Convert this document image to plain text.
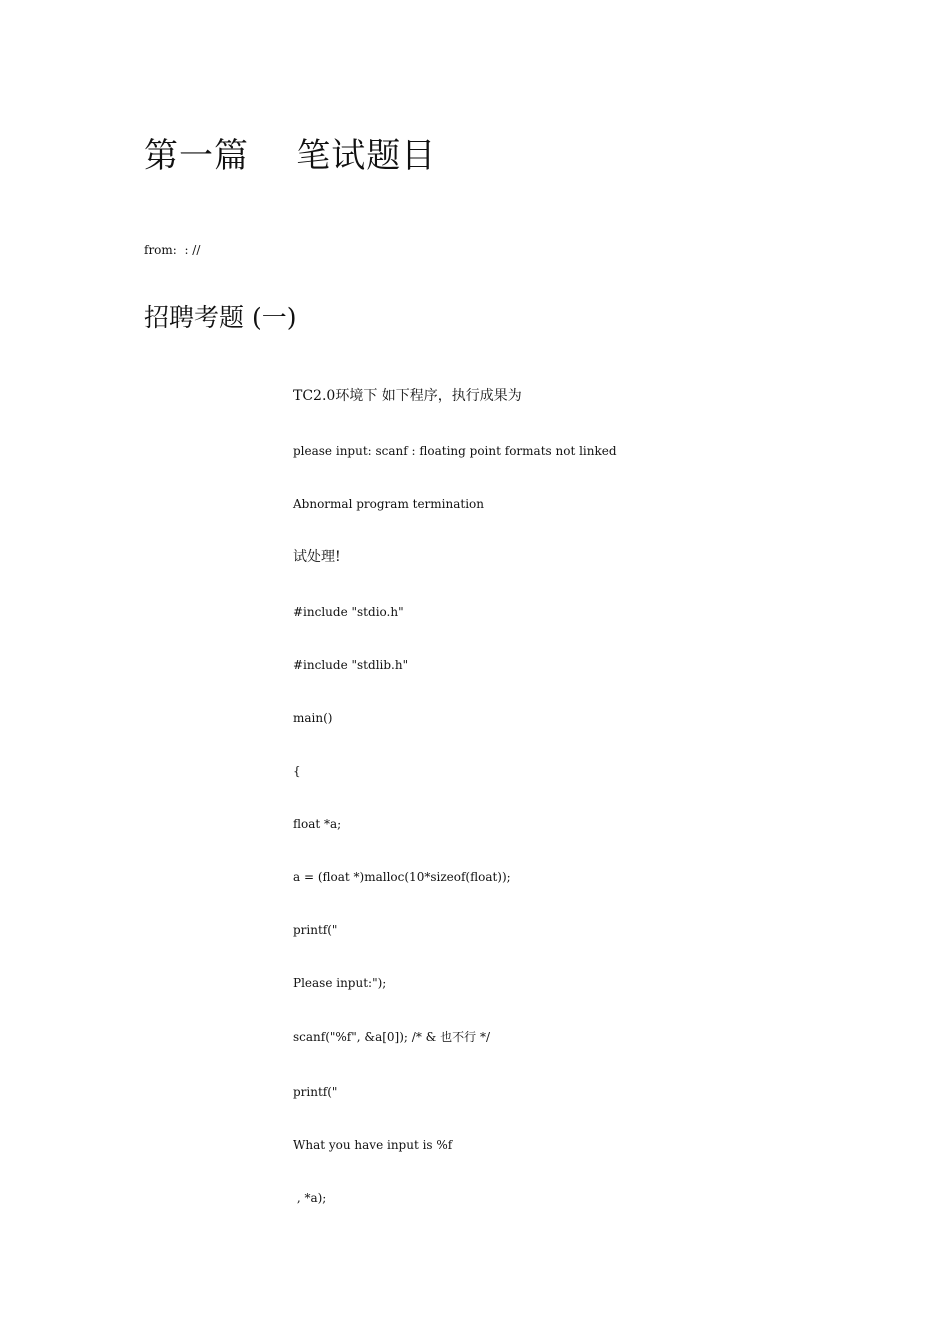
第一篇    笔试题目
from:  : //
招聘考题 (一)
TC2.0环境下 如下程序，执行成果为
please input: scanf : floating point formats not linked
Abnormal program termination
试处理!
#include "stdio.h"
#include "stdlib.h"
main()
{
float *a;
a = (float *)malloc(10*sizeof(float));
printf("
Please input:");
scanf("%f", &a[0]); /* & 也不行 */
printf("
What you have input is %f
, *a);
